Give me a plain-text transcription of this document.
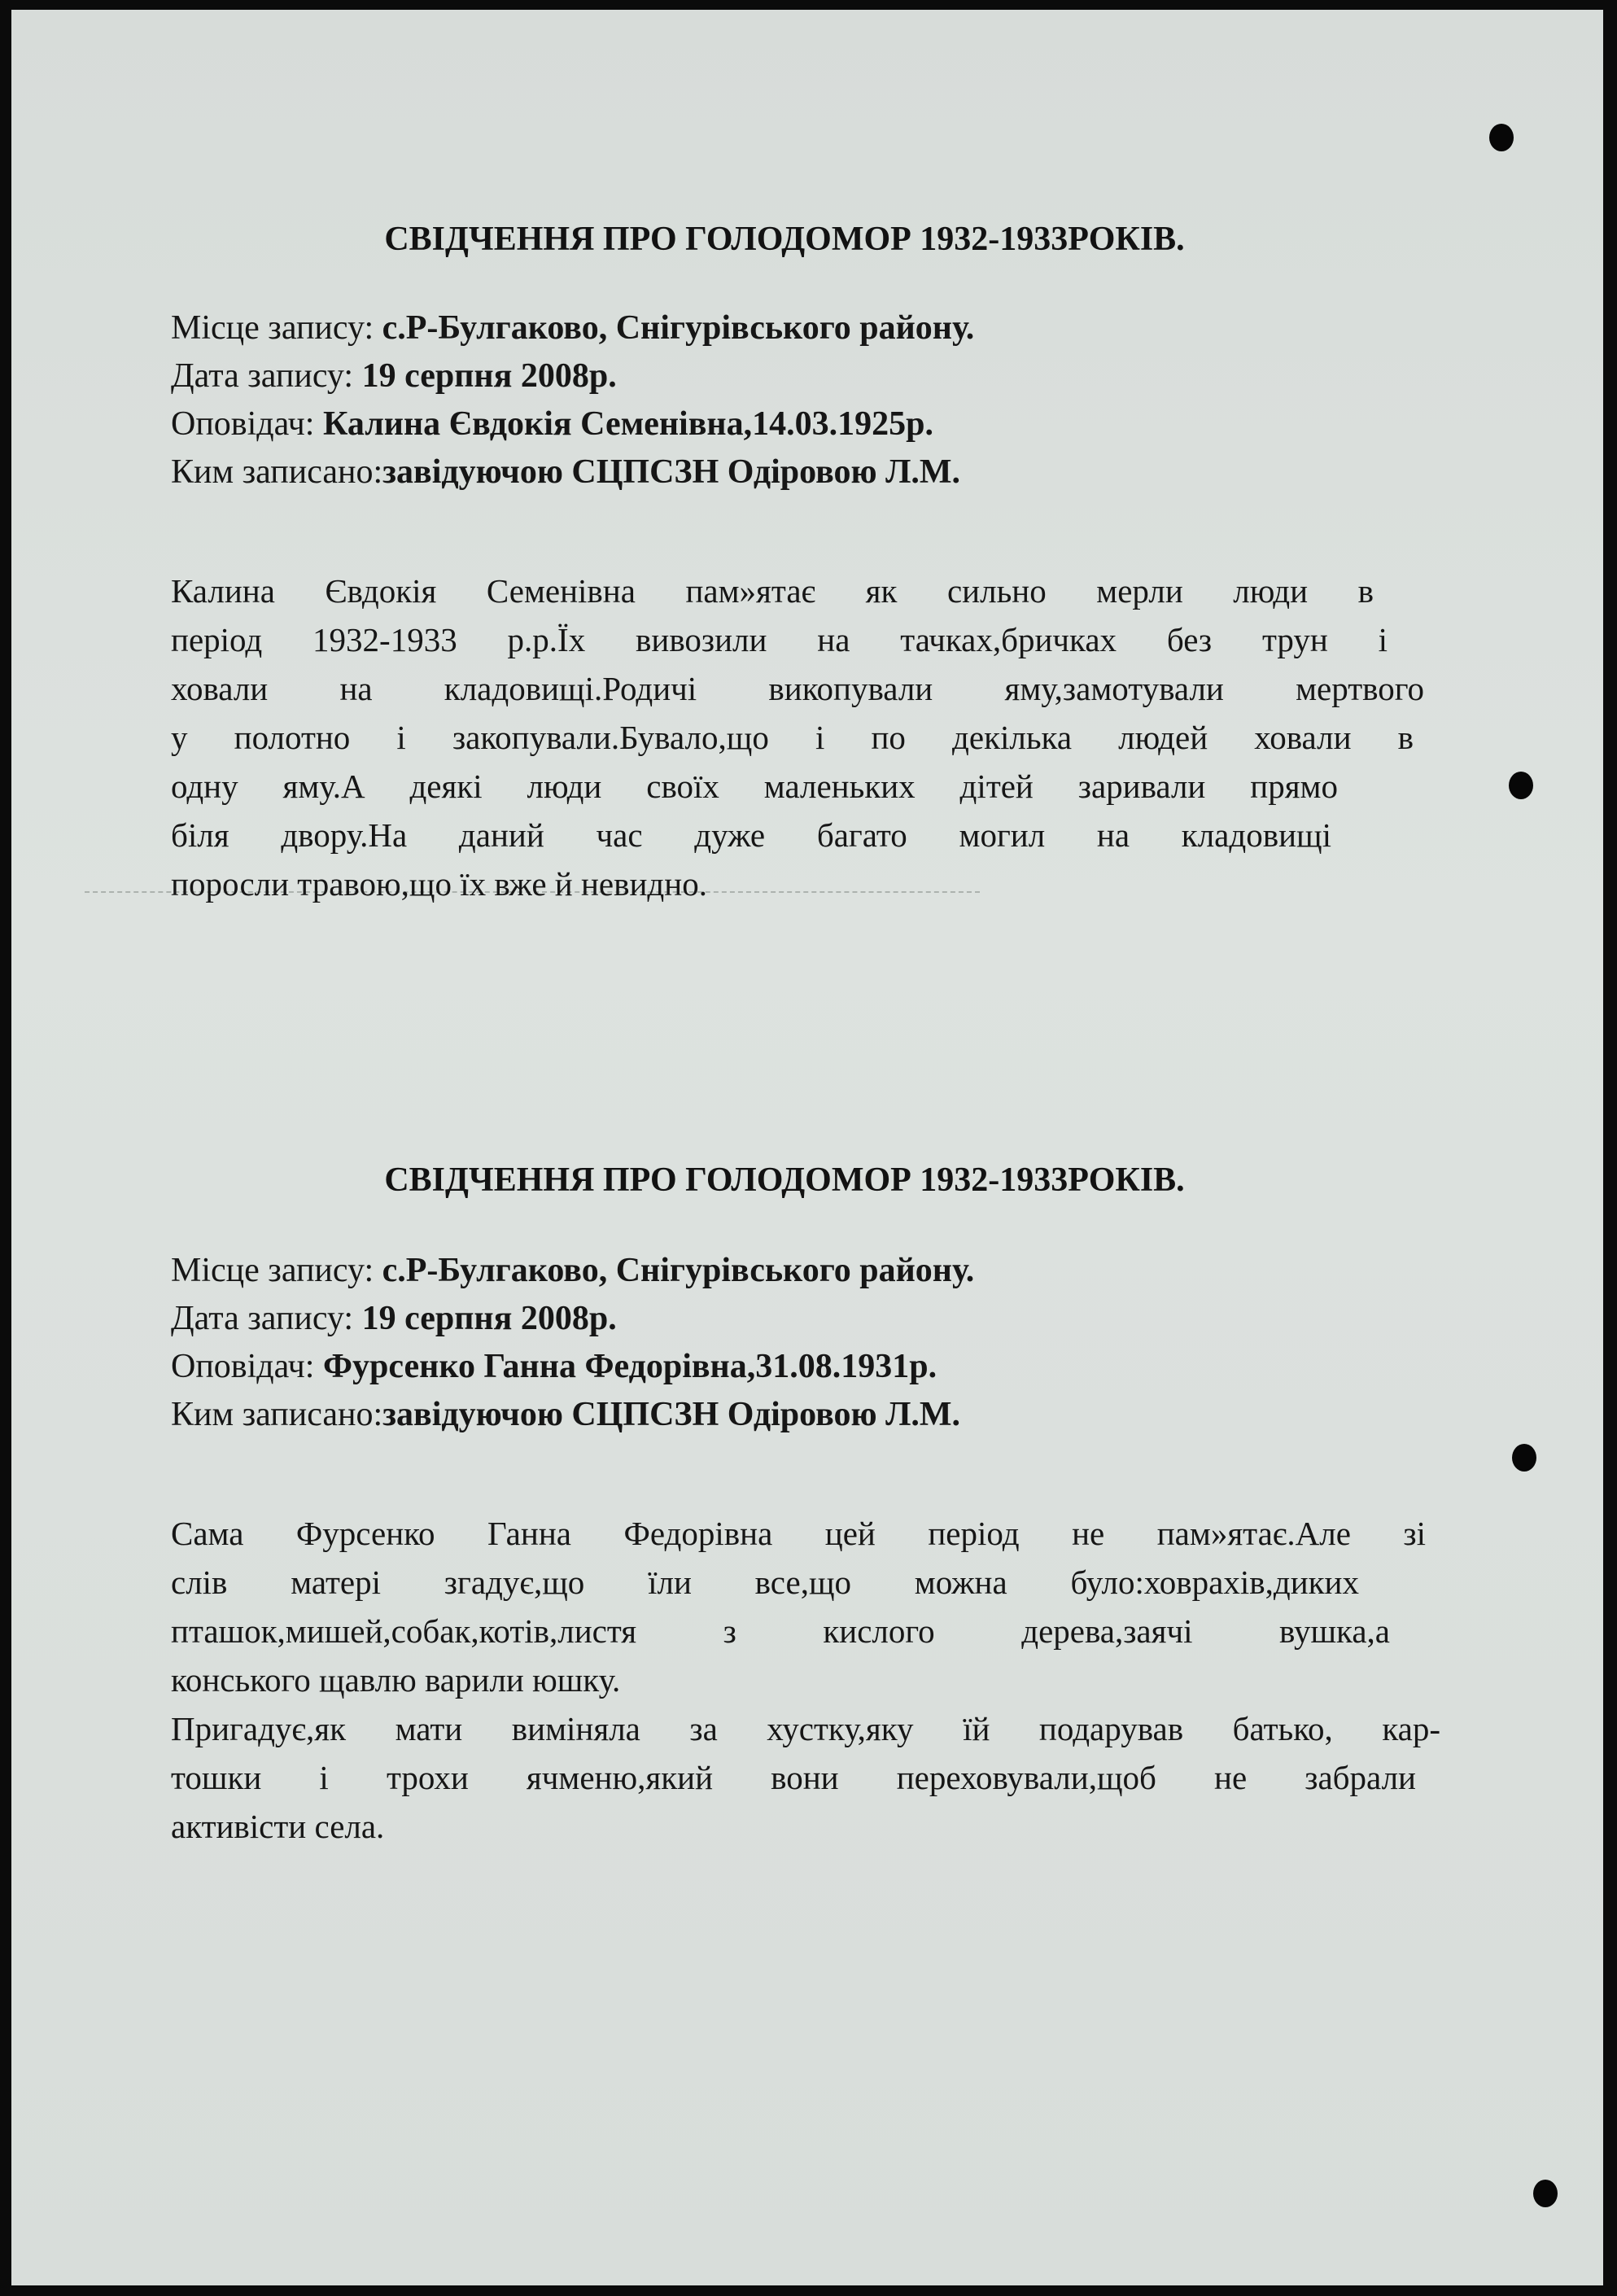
СВІДЧЕННЯ ПРО ГОЛОДОМОР 1932-1933РОКІВ.
Місце запису: с.Р-Булгаково, Снігурівського району.
Дата запису: 19 серпня 2008р.
Оповідач: Калина Євдокія Семенівна,14.03.1925р.
Ким записано:завідуючою СЦПСЗН Одіровою Л.М.
Калина Євдокія Семенівна пам»ятає як сильно мерли люди в
період 1932-1933 р.р.Їх вивозили на тачках,бричках без трун і
ховали на кладовищі.Родичі викопували яму,замотували мертвого
у полотно і закопували.Бувало,що і по декілька людей ховали в
одну яму.А деякі люди своїх маленьких дітей заривали прямо
біля двору.На даний час дуже багато могил на кладовищі
поросли травою,що їх вже й невидно.
СВІДЧЕННЯ ПРО ГОЛОДОМОР 1932-1933РОКІВ.
Місце запису: с.Р-Булгаково, Снігурівського району.
Дата запису: 19 серпня 2008р.
Оповідач: Фурсенко Ганна Федорівна,31.08.1931р.
Ким записано:завідуючою СЦПСЗН Одіровою Л.М.
Сама Фурсенко Ганна Федорівна цей період не пам»ятає.Але зі
слів матері згадує,що їли все,що можна було:ховрахів,диких
пташок,мишей,собак,котів,листя з кислого дерева,заячі вушка,а
конського щавлю варили юшку.
Пригадує,як мати виміняла за хустку,яку їй подарував батько, кар-
тошки і трохи ячменю,який вони переховували,щоб не забрали
активісти села.
